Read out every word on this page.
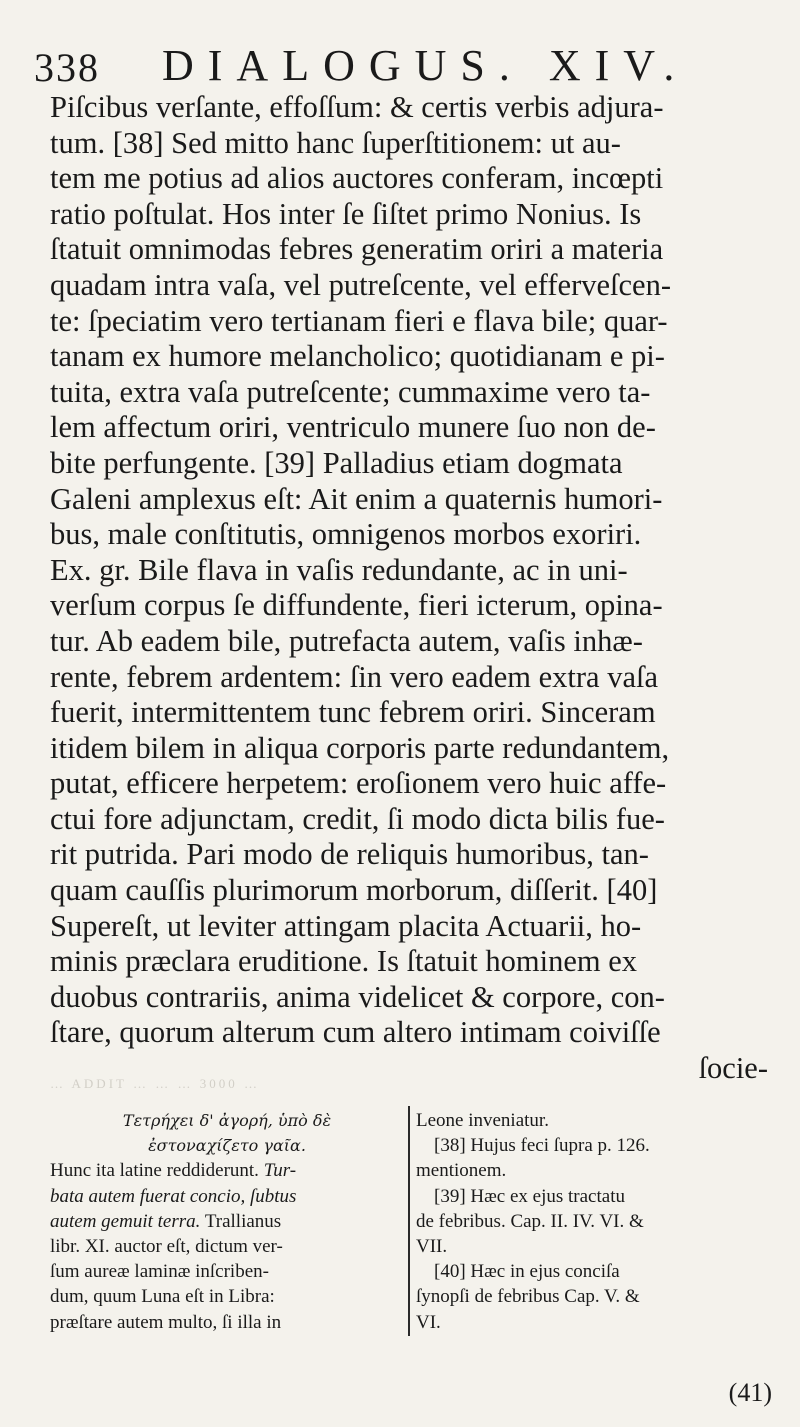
338 DIALOGUS. XIV.
Piſcibus verſante, effoſſum: & certis verbis adjura-
tum. [38] Sed mitto hanc ſuperſtitionem: ut au-
tem me potius ad alios auctores conferam, incœpti
ratio poſtulat. Hos inter ſe ſiſtet primo Nonius. Is
ſtatuit omnimodas febres generatim oriri a materia
quadam intra vaſa, vel putreſcente, vel efferveſcen-
te: ſpeciatim vero tertianam fieri e flava bile; quar-
tanam ex humore melancholico; quotidianam e pi-
tuita, extra vaſa putreſcente; cummaxime vero ta-
lem affectum oriri, ventriculo munere ſuo non de-
bite perfungente. [39] Palladius etiam dogmata
Galeni amplexus eſt: Ait enim a quaternis humori-
bus, male conſtitutis, omnigenos morbos exoriri.
Ex. gr. Bile flava in vaſis redundante, ac in uni-
verſum corpus ſe diffundente, fieri icterum, opina-
tur. Ab eadem bile, putrefacta autem, vaſis inhæ-
rente, febrem ardentem: ſin vero eadem extra vaſa
fuerit, intermittentem tunc febrem oriri. Sinceram
itidem bilem in aliqua corporis parte redundantem,
putat, efficere herpetem: eroſionem vero huic affe-
ctui fore adjunctam, credit, ſi modo dicta bilis fue-
rit putrida. Pari modo de reliquis humoribus, tan-
quam cauſſis plurimorum morborum, diſſerit. [40]
Supereſt, ut leviter attingam placita Actuarii, ho-
minis præclara eruditione. Is ſtatuit hominem ex
duobus contrariis, anima videlicet & corpore, con-
ſtare, quorum alterum cum altero intimam coiviſſe
ſocie-
… ADDIT … … … 3000 …
Τετρήχει δ' ἀγορή, ὑπὸ δὲ
ἐστοναχίζετο γαῖα.
Hunc ita latine reddiderunt. Tur-
bata autem fuerat concio, ſubtus
autem gemuit terra. Trallianus
libr. XI. auctor eſt, dictum ver-
ſum aureæ laminæ inſcriben-
dum, quum Luna eſt in Libra:
præſtare autem multo, ſi illa in
Leone inveniatur.
[38] Hujus feci ſupra p. 126.
mentionem.
[39] Hæc ex ejus tractatu
de febribus. Cap. II. IV. VI. &
VII.
[40] Hæc in ejus conciſa
ſynopſi de febribus Cap. V. &
VI.
(41)
